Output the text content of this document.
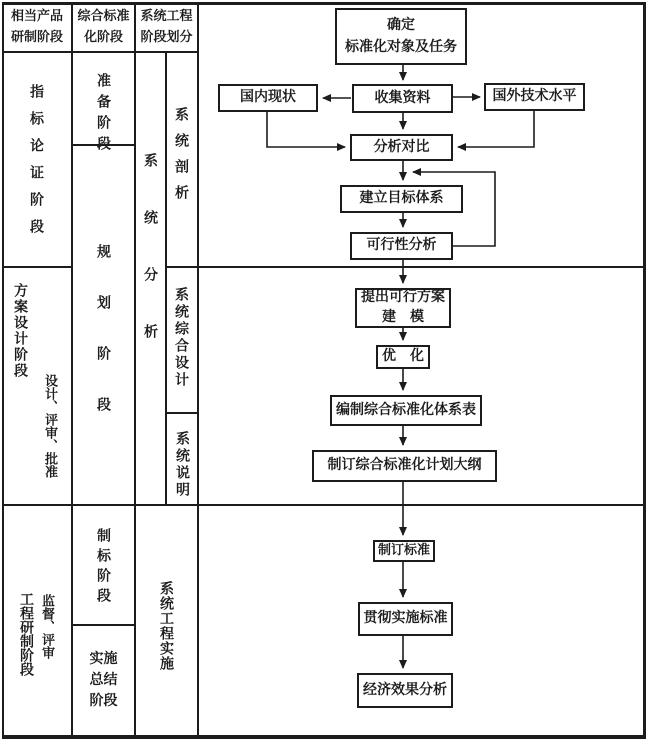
相当产品研制阶段
综合标准化阶段
系统工程阶段划分
指标论证阶段
方案设计阶段
设计、评审、批准
工程研制阶段 监督、评审
准备阶段
规划阶段
制标阶段
实施总结阶段
系统分析 系统剖析
系统综合设计
系统说明
系统工程实施
确定
标准化对象及任务
收集资料
国内现状	国外技术水平
分析对比
建立目标体系
可行性分析
提出可行方案
建　模
优　化
编制综合标准化体系表
制订综合标准化计划大纲
制订标准
贯彻实施标准
经济效果分析
